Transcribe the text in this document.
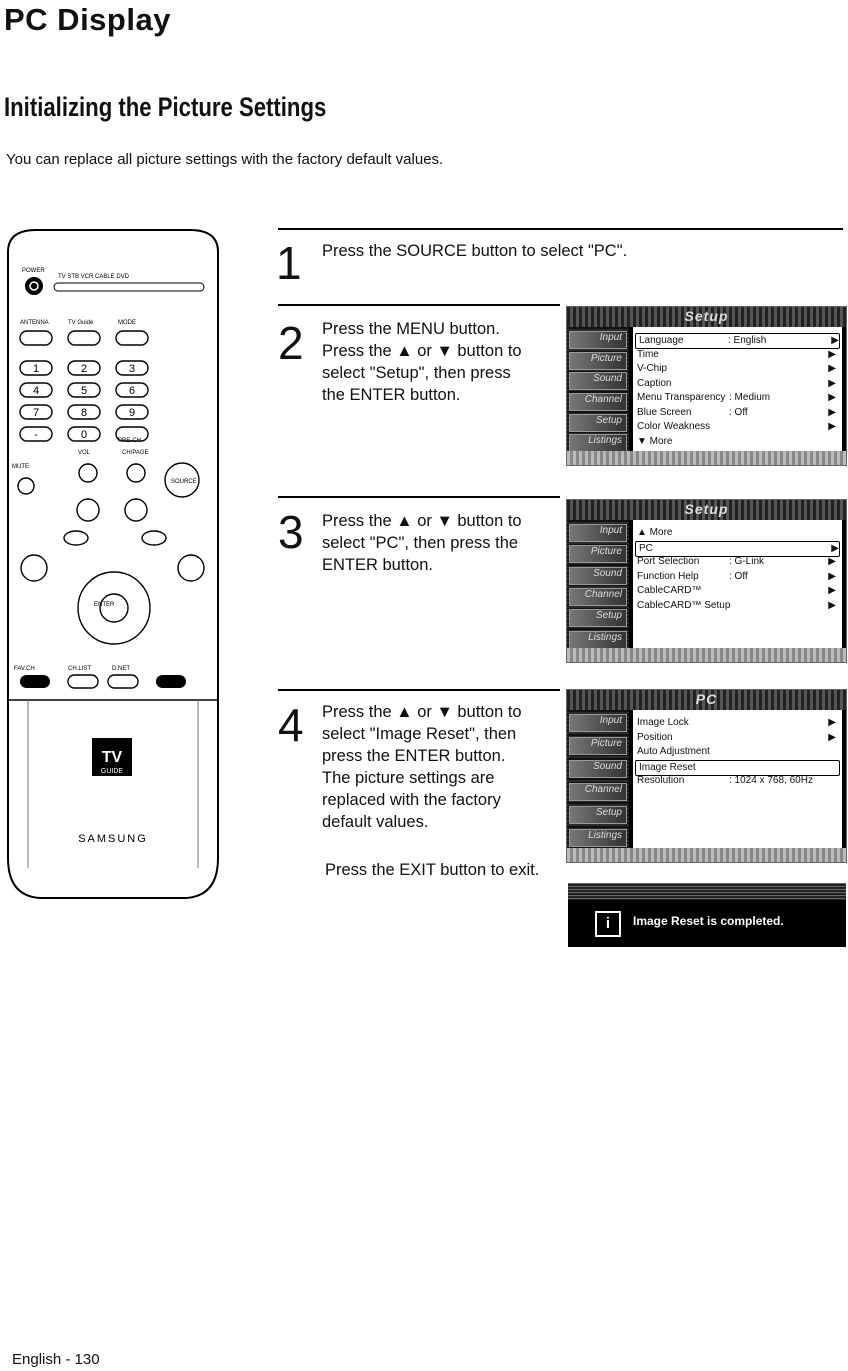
PC Display
Initializing the Picture Settings
You can replace all picture settings with the factory default values.
1	2	3
4	5	6
7	8	9
-	0
POWER
TV STB VCR CABLE DVD
ANTENNA	TV Guide	MODE
VOL	CH/PAGE
MUTE
SOURCE
ENTER
FAV.CH	CH.LIST	D.NET
PRE-CH
TV
GUIDE
SAMSUNG
1 Press the SOURCE button to select "PC".
2 Press the MENU button.
Press the ▲ or ▼ button to
select "Setup", then press
the ENTER button.
3 Press the ▲ or ▼ button to
select "PC", then press the
ENTER button.
4 Press the ▲ or ▼ button to
select "Image Reset", then
press the ENTER button.
The picture settings are
replaced with the factory
default values.
Press the EXIT button to exit.
Setup
Input
Picture
Sound
Channel
Setup
Listings
Language	: English	▶
Time	▶
V-Chip	▶
Caption	▶
Menu Transparency : Medium	▶
Blue Screen	: Off	▶
Color Weakness	▶
▼ More
Setup
Input
Picture
Sound
Channel
Setup
Listings
▲ More
PC	▶
Port Selection	: G-Link	▶
Function Help	: Off	▶
CableCARD™	▶
CableCARD™ Setup	▶
PC
Input
Picture
Sound
Channel
Setup
Listings
Image Lock	▶
Position	▶
Auto Adjustment
Image Reset
Resolution	: 1024 x 768, 60Hz
i	Image Reset is completed.
English - 130
